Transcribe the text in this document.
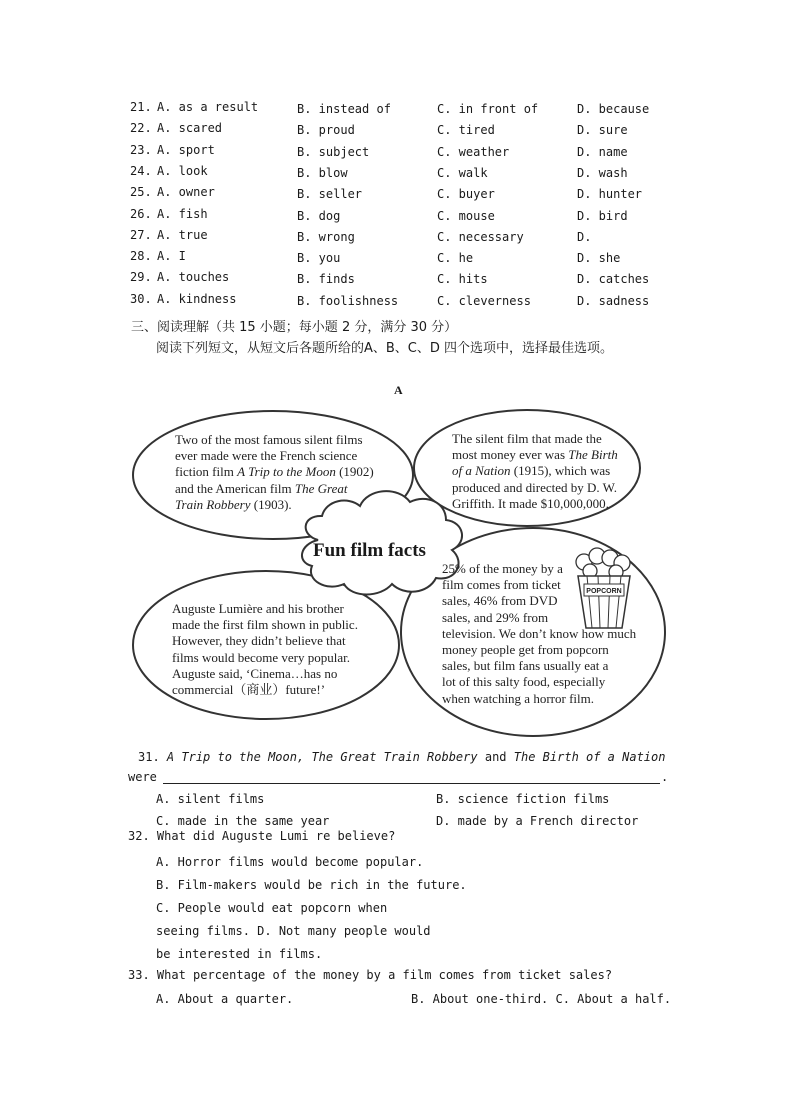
21. A. as a result	B. instead of	C. in front of	D. because
22. A. scared	B. proud	C. tired	D. sure
23. A. sport	B. subject	C. weather	D. name
24. A. look	B. blow	C. walk	D. wash
25. A. owner	B. seller	C. buyer	D. hunter
26. A. fish	B. dog	C. mouse	D. bird
27. A. true	B. wrong	C. necessary	D.
28. A. I	B. you	C. he	D. she
29. A. touches	B. finds	C. hits	D. catches
30. A. kindness	B. foolishness	C. cleverness	D. sadness
三、阅读理解（共 15 小题；每小题 2 分，满分 30 分）
阅读下列短文，从短文后各题所给的A、B、C、D 四个选项中，选择最佳选项。
A
POPCORN
Fun film facts
Two of the most famous silent films
ever made were the French science
fiction film A Trip to the Moon (1902)
and the American film The Great
Train Robbery (1903).
The silent film that made the
most money ever was The Birth
of a Nation (1915), which was
produced and directed by D. W.
Griffith. It made $10,000,000.
Auguste Lumière and his brother
made the first film shown in public.
However, they didn’t believe that
films would become very popular.
Auguste said, ‘Cinema…has no
commercial（商业）future!’
25% of the money by a
film comes from ticket
sales, 46% from DVD
sales, and 29% from
television. We don’t know how much
money people get from popcorn
sales, but film fans usually eat a
lot of this salty food, especially
when watching a horror film.
31. A Trip to the Moon, The Great Train Robbery and The Birth of a Nation
were	.
A. silent films	B. science fiction films
C. made in the same year	D. made by a French director
32. What did Auguste Lumi re believe?
A. Horror films would become popular.
B. Film-makers would be rich in the future.
C. People would eat popcorn when
seeing films. D. Not many people would
be interested in films.
33. What percentage of the money by a film comes from ticket sales?
A. About a quarter.	B. About one-third. C. About a half.
